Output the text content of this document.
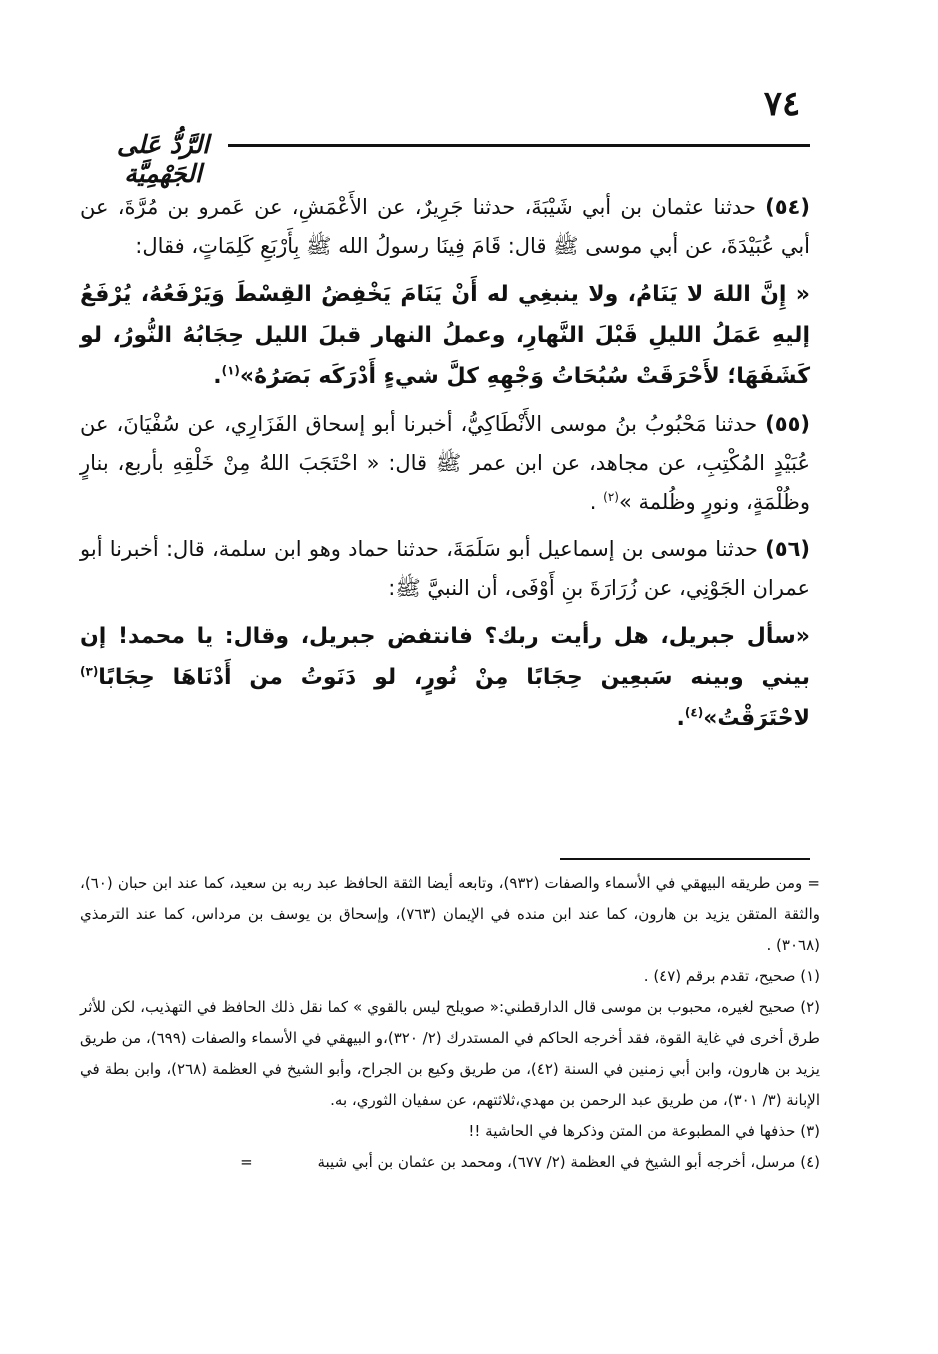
٧٤
الرَّدُّ عَلى الجَهْمِيَّة

(٥٤) حدثنا عثمان بن أبي شَيْبَةَ، حدثنا جَرِيرٌ، عن الأَعْمَشِ، عن عَمرو بن مُرَّةَ، عن أبي عُبَيْدَةَ، عن أبي موسى ﷺ قال: قَامَ فِينَا رسولُ الله ﷺ بِأَرْبَعِ كَلِمَاتٍ، فقال:

« إِنَّ اللهَ لا يَنَامُ، ولا ينبغِي له أَنْ يَنَامَ يَخْفِضُ القِسْطَ وَيَرْفَعُهُ، يُرْفَعُ إليهِ عَمَلُ الليلِ قَبْلَ النَّهارِ، وعملُ النهار قبلَ الليل حِجَابُهُ النُّورُ، لو كَشَفَهَا؛ لأَحْرَقَتْ سُبُحَاتُ وَجْهِهِ كلَّ شيءٍ أَدْرَكَه بَصَرُهُ»$^{(١)}$.

(٥٥) حدثنا مَحْبُوبُ بنُ موسى الأَنْطَاكِيُّ، أخبرنا أبو إسحاق الفَزَارِي، عن سُفْيَانَ، عن عُبَيْدٍ المُكْتِبِ، عن مجاهد، عن ابن عمر ﷺ قال: « احْتَجَبَ اللهُ مِنْ خَلْقِهِ بأربع، بنارٍ وظُلْمَةٍ، ونورٍ وظُلمة »$^{(٢)}$ .

(٥٦) حدثنا موسى بن إسماعيل أبو سَلَمَةَ، حدثنا حماد وهو ابن سلمة، قال: أخبرنا أبو عمران الجَوْنِي، عن زُرَارَةَ بنِ أَوْفَى، أن النبيَّ ﷺ:

«سأل جبريل، هل رأيت ربك؟ فانتفض جبريل، وقال: يا محمد! إن بيني وبينه سَبعِين حِجَابًا مِنْ نُورٍ، لو دَنَوتُ من أَدْنَاهَا حِجَابًا$^{(٣)}$ لاحْتَرَقْتُ»$^{(٤)}$.

= ومن طريقه البيهقي في الأسماء والصفات (٩٣٢)، وتابعه أيضا الثقة الحافظ عبد ربه بن سعيد، كما عند ابن حبان (٦٠)، والثقة المتقن يزيد بن هارون، كما عند ابن منده في الإيمان (٧٦٣)، وإسحاق بن يوسف بن مرداس، كما عند الترمذي (٣٠٦٨) .

(١) صحيح، تقدم برقم (٤٧) .

(٢) صحيح لغيره، محبوب بن موسى قال الدارقطني:« صويلح ليس بالقوي » كما نقل ذلك الحافظ في التهذيب، لكن للأثر طرق أخرى في غاية القوة، فقد أخرجه الحاكم في المستدرك (٢/ ٣٢٠)،و البيهقي في الأسماء والصفات (٦٩٩)، من طريق يزيد بن هارون، وابن أبي زمنين في السنة (٤٢)، من طريق وكيع بن الجراح، وأبو الشيخ في العظمة (٢٦٨)، وابن بطة في الإبانة (٣/ ٣٠١)، من طريق عبد الرحمن بن مهدي،ثلاثتهم، عن سفيان الثوري، به.

(٣) حذفها في المطبوعة من المتن وذكرها في الحاشية !!

(٤) مرسل، أخرجه أبو الشيخ في العظمة (٢/ ٦٧٧)، ومحمد بن عثمان بن أبي شيبة =
